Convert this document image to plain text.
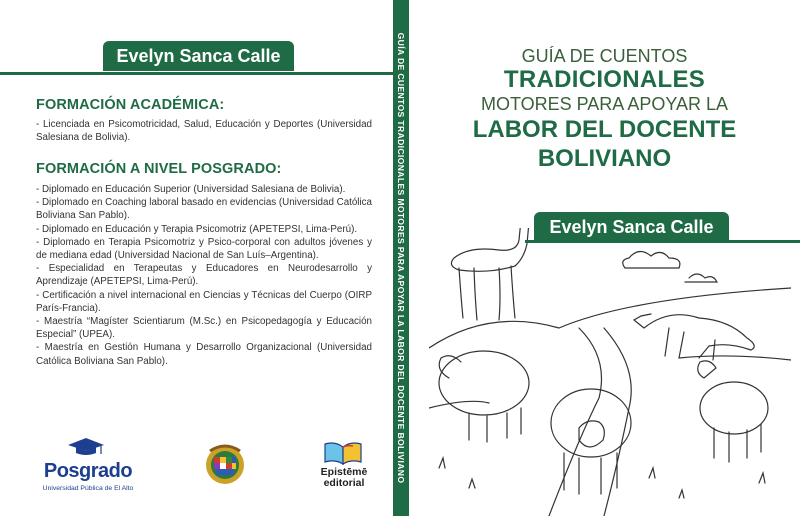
Evelyn Sanca Calle
FORMACIÓN ACADÉMICA:
- Licenciada en Psicomotricidad, Salud, Educación y Deportes (Universidad Salesiana de Bolivia).
FORMACIÓN A NIVEL POSGRADO:
- Diplomado en Educación Superior (Universidad Salesiana de Bolivia).
- Diplomado en Coaching laboral basado en evidencias (Universidad Católica Boliviana San Pablo).
- Diplomado en Educación y Terapia Psicomotriz (APETEPSI, Lima-Perú).
- Diplomado en Terapia Psicomotriz y Psico-corporal con adultos jóvenes y de mediana edad (Universidad Nacional de San Luís–Argentina).
- Especialidad en Terapeutas y Educadores en Neurodesarrollo y Aprendizaje (APETEPSI, Lima-Perú).
- Certificación a nivel internacional en Ciencias y Técnicas del Cuerpo (OIRP París-Francia).
- Maestría “Magíster Scientiarum (M.Sc.) en Psicopedagogía y Educación Especial” (UPEA).
- Maestría en Gestión Humana y Desarrollo Organizacional (Universidad Católica Boliviana San Pablo).
Posgrado
Universidad Pública de El Alto
Epistēmē
editorial	GUÍA DE CUENTOS TRADICIONALES MOTORES PARA APOYAR LA LABOR DEL DOCENTE BOLIVIANO	GUÍA DE CUENTOS
TRADICIONALES
MOTORES PARA APOYAR LA
LABOR DEL DOCENTE
BOLIVIANO
Evelyn Sanca Calle
